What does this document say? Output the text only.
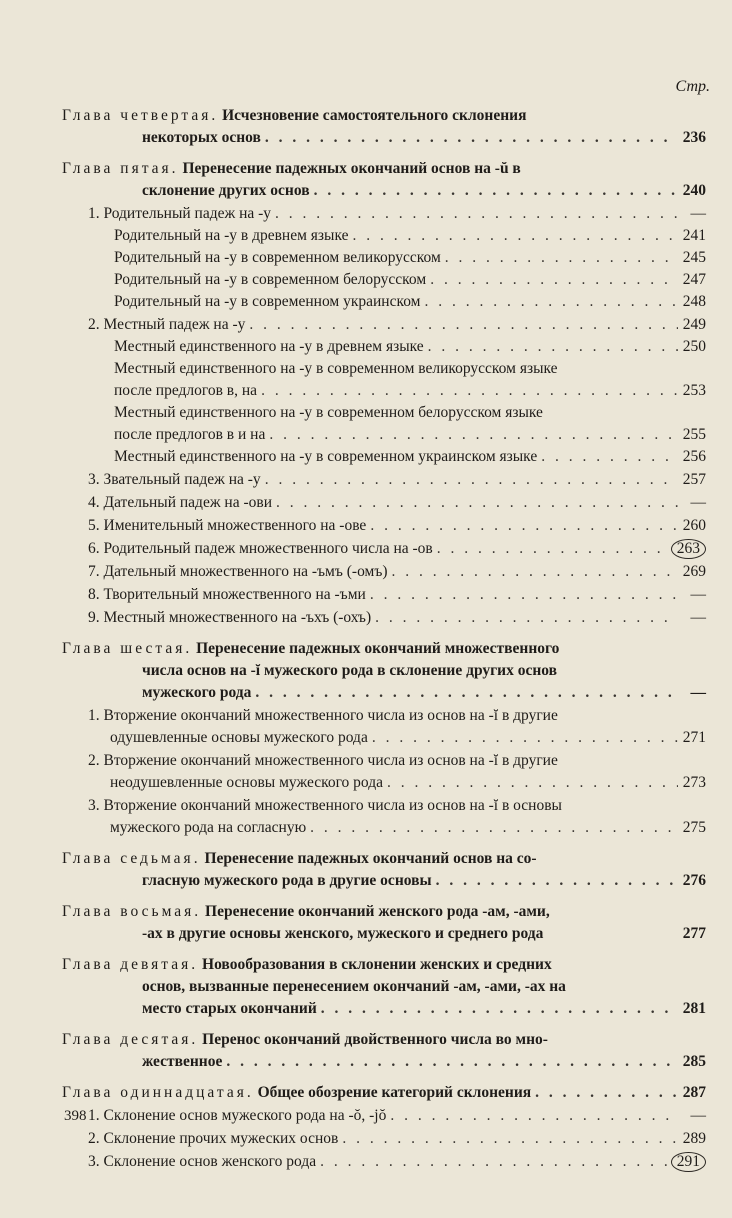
Стр.
Глава четвертая. Исчезновение самостоятельного склонения
некоторых основ . . .	236
Глава пятая. Перенесение падежных окончаний основ на -ŭ в
склонение других основ . . .	240
1. Родительный падеж на -у . . .	—
Родительный на -у в древнем языке . . .	241
Родительный на -у в современном великорусском . . .	245
Родительный на -у в современном белорусском . . .	247
Родительный на -у в современном украинском . . .	248
2. Местный падеж на -у . . .	249
Местный единственного на -у в древнем языке . . .	250
Местный единственного на -у в современном великорусском языке
после предлогов в, на . . .	253
Местный единственного на -у в современном белорусском языке
после предлогов в и на . . .	255
Местный единственного на -у в современном украинском языке . . .	256
3. Звательный падеж на -у . . .	257
4. Дательный падеж на -ови . . .	—
5. Именительный множественного на -ове . . .	260
6. Родительный падеж множественного числа на -ов . . .	263
7. Дательный множественного на -ъмъ (-омъ) . . .	269
8. Творительный множественного на -ъми . . .	—
9. Местный множественного на -ъхъ (-охъ) . . .	—
Глава шестая. Перенесение падежных окончаний множественного
числа основ на -ĭ мужеского рода в склонение других основ
мужеского рода . . .	—
1. Вторжение окончаний множественного числа из основ на -ĭ в другие
одушевленные основы мужеского рода . . .	271
2. Вторжение окончаний множественного числа из основ на -ĭ в другие
неодушевленные основы мужеского рода . . .	273
3. Вторжение окончаний множественного числа из основ на -ĭ в основы
мужеского рода на согласную . . .	275
Глава седьмая. Перенесение падежных окончаний основ на со-
гласную мужеского рода в другие основы . . .	276
Глава восьмая. Перенесение окончаний женского рода -ам, -ами,
-ах в другие основы женского, мужеского и среднего рода	277
Глава девятая. Новообразования в склонении женских и средних
основ, вызванные перенесением окончаний -ам, -ами, -ах на
место старых окончаний . . .	281
Глава десятая. Перенос окончаний двойственного числа во мно-
жественное . . .	285
Глава одиннадцатая. Общее обозрение категорий склонения . . .	287
1. Склонение основ мужеского рода на -ŏ, -jŏ . . .	—
2. Склонение прочих мужеских основ . . .	289
3. Склонение основ женского рода . . .	291
398
